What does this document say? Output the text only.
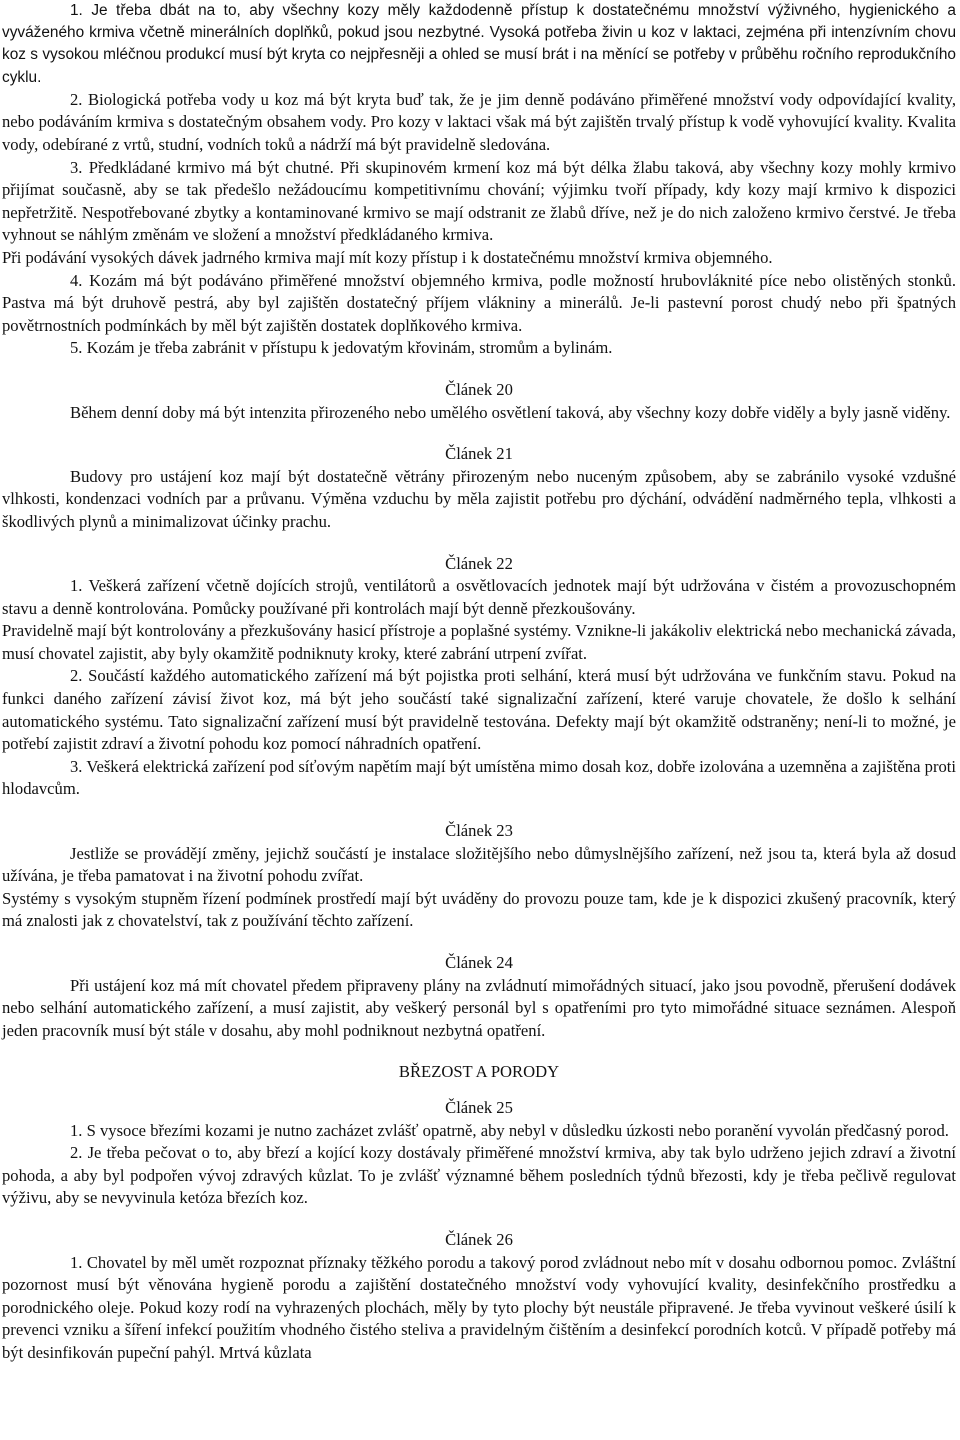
1. Je třeba dbát na to, aby všechny kozy měly každodenně přístup k dostatečnému množství výživného, hygienického a vyváženého krmiva včetně minerálních doplňků, pokud jsou nezbytné. Vysoká potřeba živin u koz v laktaci, zejména při intenzívním chovu koz s vysokou mléčnou produkcí musí být kryta co nejpřesněji a ohled se musí brát i na měnící se potřeby v průběhu ročního reprodukčního cyklu.

2. Biologická potřeba vody u koz má být kryta buď tak, že je jim denně podáváno přiměřené množství vody odpovídající kvality, nebo podáváním krmiva s dostatečným obsahem vody. Pro kozy v laktaci však má být zajištěn trvalý přístup k vodě vyhovující kvality. Kvalita vody, odebírané z vrtů, studní, vodních toků a nádrží má být pravidelně sledována.

3. Předkládané krmivo má být chutné. Při skupinovém krmení koz má být délka žlabu taková, aby všechny kozy mohly krmivo přijímat současně, aby se tak předešlo nežádoucímu kompetitivnímu chování; výjimku tvoří případy, kdy kozy mají krmivo k dispozici nepřetržitě. Nespotřebované zbytky a kontaminované krmivo se mají odstranit ze žlabů dříve, než je do nich založeno krmivo čerstvé. Je třeba vyhnout se náhlým změnám ve složení a množství předkládaného krmiva.

Při podávání vysokých dávek jadrného krmiva mají mít kozy přístup i k dostatečnému množství krmiva objemného.

4. Kozám má být podáváno přiměřené množství objemného krmiva, podle možností hrubovláknité píce nebo olistěných stonků. Pastva má být druhově pestrá, aby byl zajištěn dostatečný příjem vlákniny a minerálů. Je-li pastevní porost chudý nebo při špatných povětrnostních podmínkách by měl být zajištěn dostatek doplňkového krmiva.

5. Kozám je třeba zabránit v přístupu k jedovatým křovinám, stromům a bylinám.

Článek 20

Během denní doby má být intenzita přirozeného nebo umělého osvětlení taková, aby všechny kozy dobře viděly a byly jasně viděny.

Článek 21

Budovy pro ustájení koz mají být dostatečně větrány přirozeným nebo nuceným způsobem, aby se zabránilo vysoké vzdušné vlhkosti, kondenzaci vodních par a průvanu. Výměna vzduchu by měla zajistit potřebu pro dýchání, odvádění nadměrného tepla, vlhkosti a škodlivých plynů a minimalizovat účinky prachu.

Článek 22

1. Veškerá zařízení včetně dojících strojů, ventilátorů a osvětlovacích jednotek mají být udržována v čistém a provozuschopném stavu a denně kontrolována. Pomůcky používané při kontrolách mají být denně přezkoušovány.

Pravidelně mají být kontrolovány a přezkušovány hasicí přístroje a poplašné systémy. Vznikne-li jakákoliv elektrická nebo mechanická závada, musí chovatel zajistit, aby byly okamžitě podniknuty kroky, které zabrání utrpení zvířat.

2. Součástí každého automatického zařízení má být pojistka proti selhání, která musí být udržována ve funkčním stavu. Pokud na funkci daného zařízení závisí život koz, má být jeho součástí také signalizační zařízení, které varuje chovatele, že došlo k selhání automatického systému. Tato signalizační zařízení musí být pravidelně testována. Defekty mají být okamžitě odstraněny; není-li to možné, je potřebí zajistit zdraví a životní pohodu koz pomocí náhradních opatření.

3. Veškerá elektrická zařízení pod síťovým napětím mají být umístěna mimo dosah koz, dobře izolována a uzemněna a zajištěna proti hlodavcům.

Článek 23

Jestliže se provádějí změny, jejichž součástí je instalace složitějšího nebo důmyslnějšího zařízení, než jsou ta, která byla až dosud užívána, je třeba pamatovat i na životní pohodu zvířat.

Systémy s vysokým stupněm řízení podmínek prostředí mají být uváděny do provozu pouze tam, kde je k dispozici zkušený pracovník, který má znalosti jak z chovatelství, tak z používání těchto zařízení.

Článek 24

Při ustájení koz má mít chovatel předem připraveny plány na zvládnutí mimořádných situací, jako jsou povodně, přerušení dodávek nebo selhání automatického zařízení, a musí zajistit, aby veškerý personál byl s opatřeními pro tyto mimořádné situace seznámen. Alespoň jeden pracovník musí být stále v dosahu, aby mohl podniknout nezbytná opatření.

BŘEZOST A PORODY

Článek 25

1. S vysoce březími kozami je nutno zacházet zvlášť opatrně, aby nebyl v důsledku úzkosti nebo poranění vyvolán předčasný porod.

2. Je třeba pečovat o to, aby březí a kojící kozy dostávaly přiměřené množství krmiva, aby tak bylo udrženo jejich zdraví a životní pohoda, a aby byl podpořen vývoj zdravých kůzlat. To je zvlášť významné během posledních týdnů březosti, kdy je třeba pečlivě regulovat výživu, aby se nevyvinula ketóza březích koz.

Článek 26

1. Chovatel by měl umět rozpoznat příznaky těžkého porodu a takový porod zvládnout nebo mít v dosahu odbornou pomoc. Zvláštní pozornost musí být věnována hygieně porodu a zajištění dostatečného množství vody vyhovující kvality, desinfekčního prostředku a porodnického oleje. Pokud kozy rodí na vyhrazených plochách, měly by tyto plochy být neustále připravené. Je třeba vyvinout veškeré úsilí k prevenci vzniku a šíření infekcí použitím vhodného čistého steliva a pravidelným čištěním a desinfekcí porodních kotců. V případě potřeby má být desinfikován pupeční pahýl. Mrtvá kůzlata
